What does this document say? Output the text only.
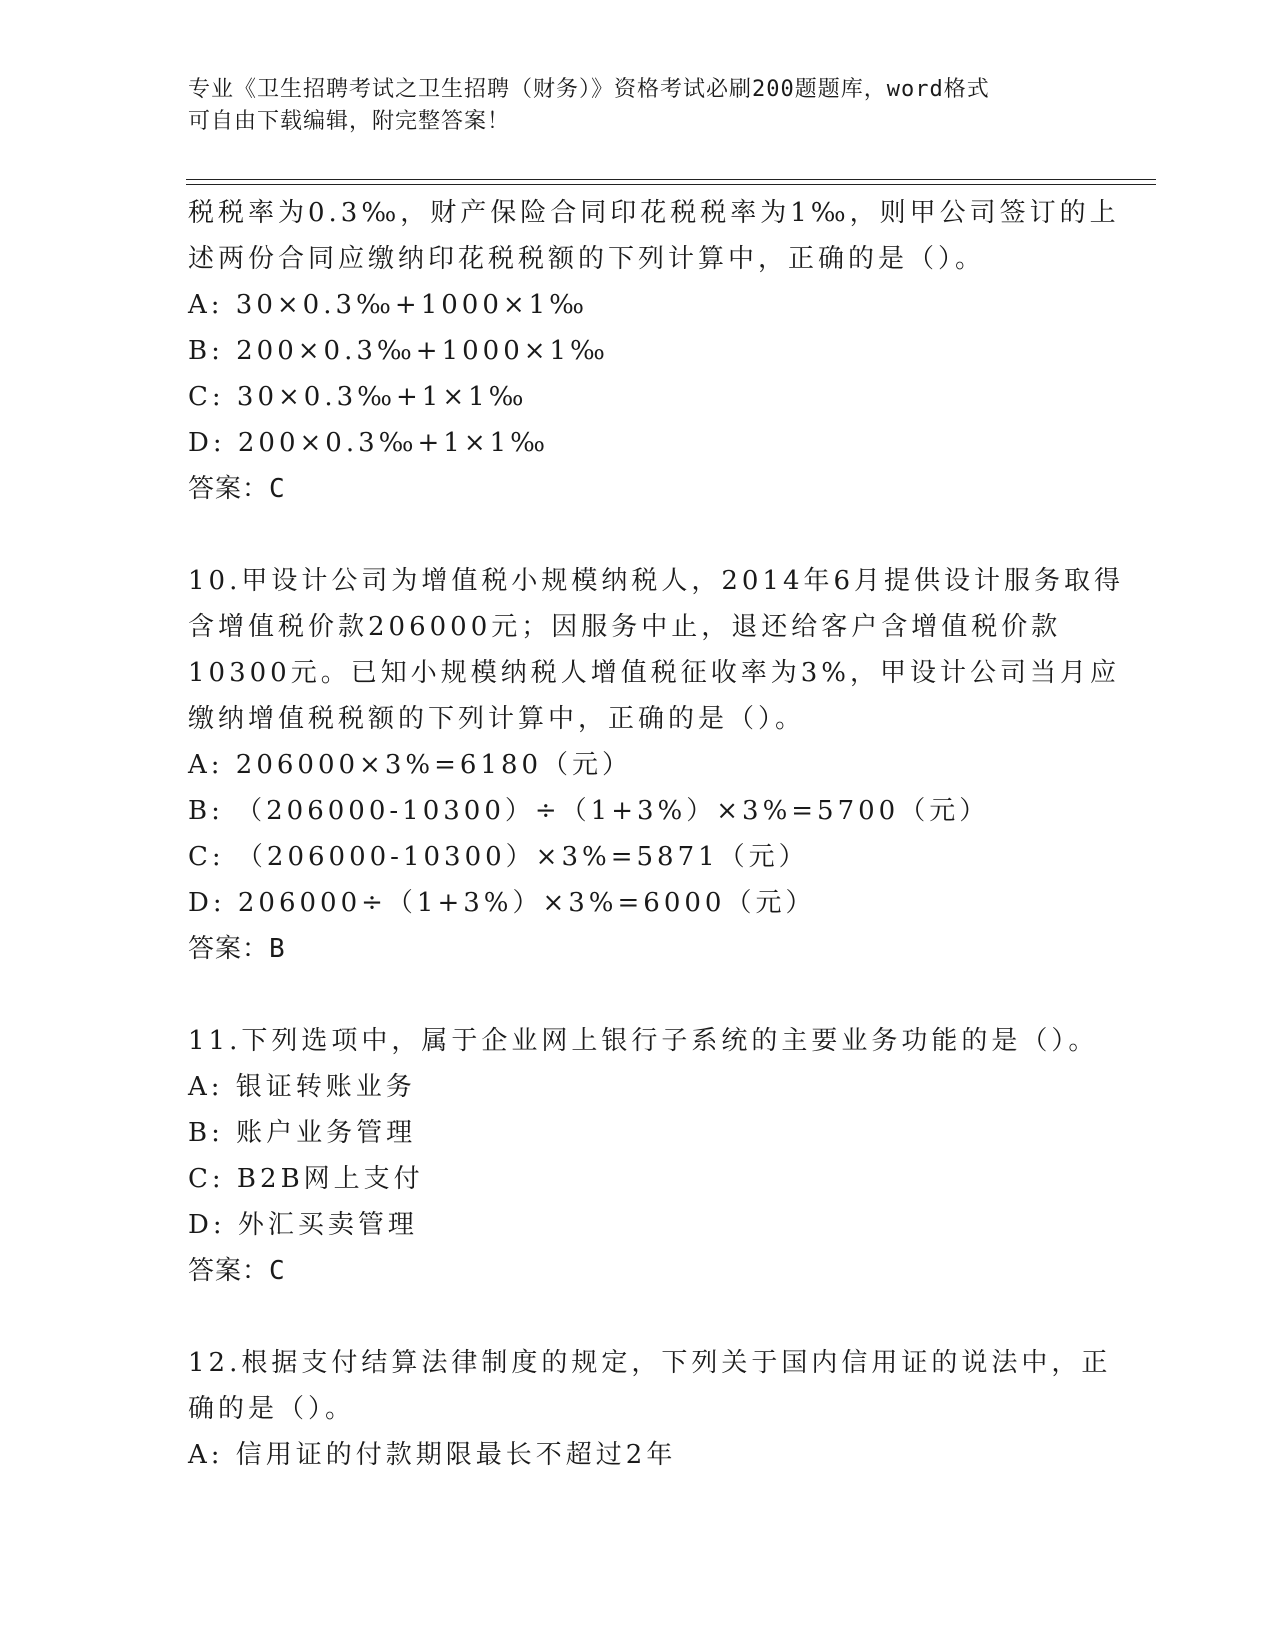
专业《卫生招聘考试之卫生招聘（财务）》资格考试必刷200题题库，word格式
可自由下载编辑，附完整答案！
税税率为0.3‰，财产保险合同印花税税率为1‰，则甲公司签订的上
述两份合同应缴纳印花税税额的下列计算中，正确的是（）。
A: 30×0.3‰+1000×1‰
B: 200×0.3‰+1000×1‰
C: 30×0.3‰+1×1‰
D: 200×0.3‰+1×1‰
答案：C
10.甲设计公司为增值税小规模纳税人，2014年6月提供设计服务取得
含增值税价款206000元；因服务中止，退还给客户含增值税价款
10300元。已知小规模纳税人增值税征收率为3%，甲设计公司当月应
缴纳增值税税额的下列计算中，正确的是（）。
A: 206000×3%=6180（元）
B: （206000-10300）÷（1+3%）×3%=5700（元）
C: （206000-10300）×3%=5871（元）
D: 206000÷（1+3%）×3%=6000（元）
答案：B
11.下列选项中，属于企业网上银行子系统的主要业务功能的是（）。
A: 银证转账业务
B: 账户业务管理
C: B2B网上支付
D: 外汇买卖管理
答案：C
12.根据支付结算法律制度的规定，下列关于国内信用证的说法中，正
确的是（）。
A: 信用证的付款期限最长不超过2年
